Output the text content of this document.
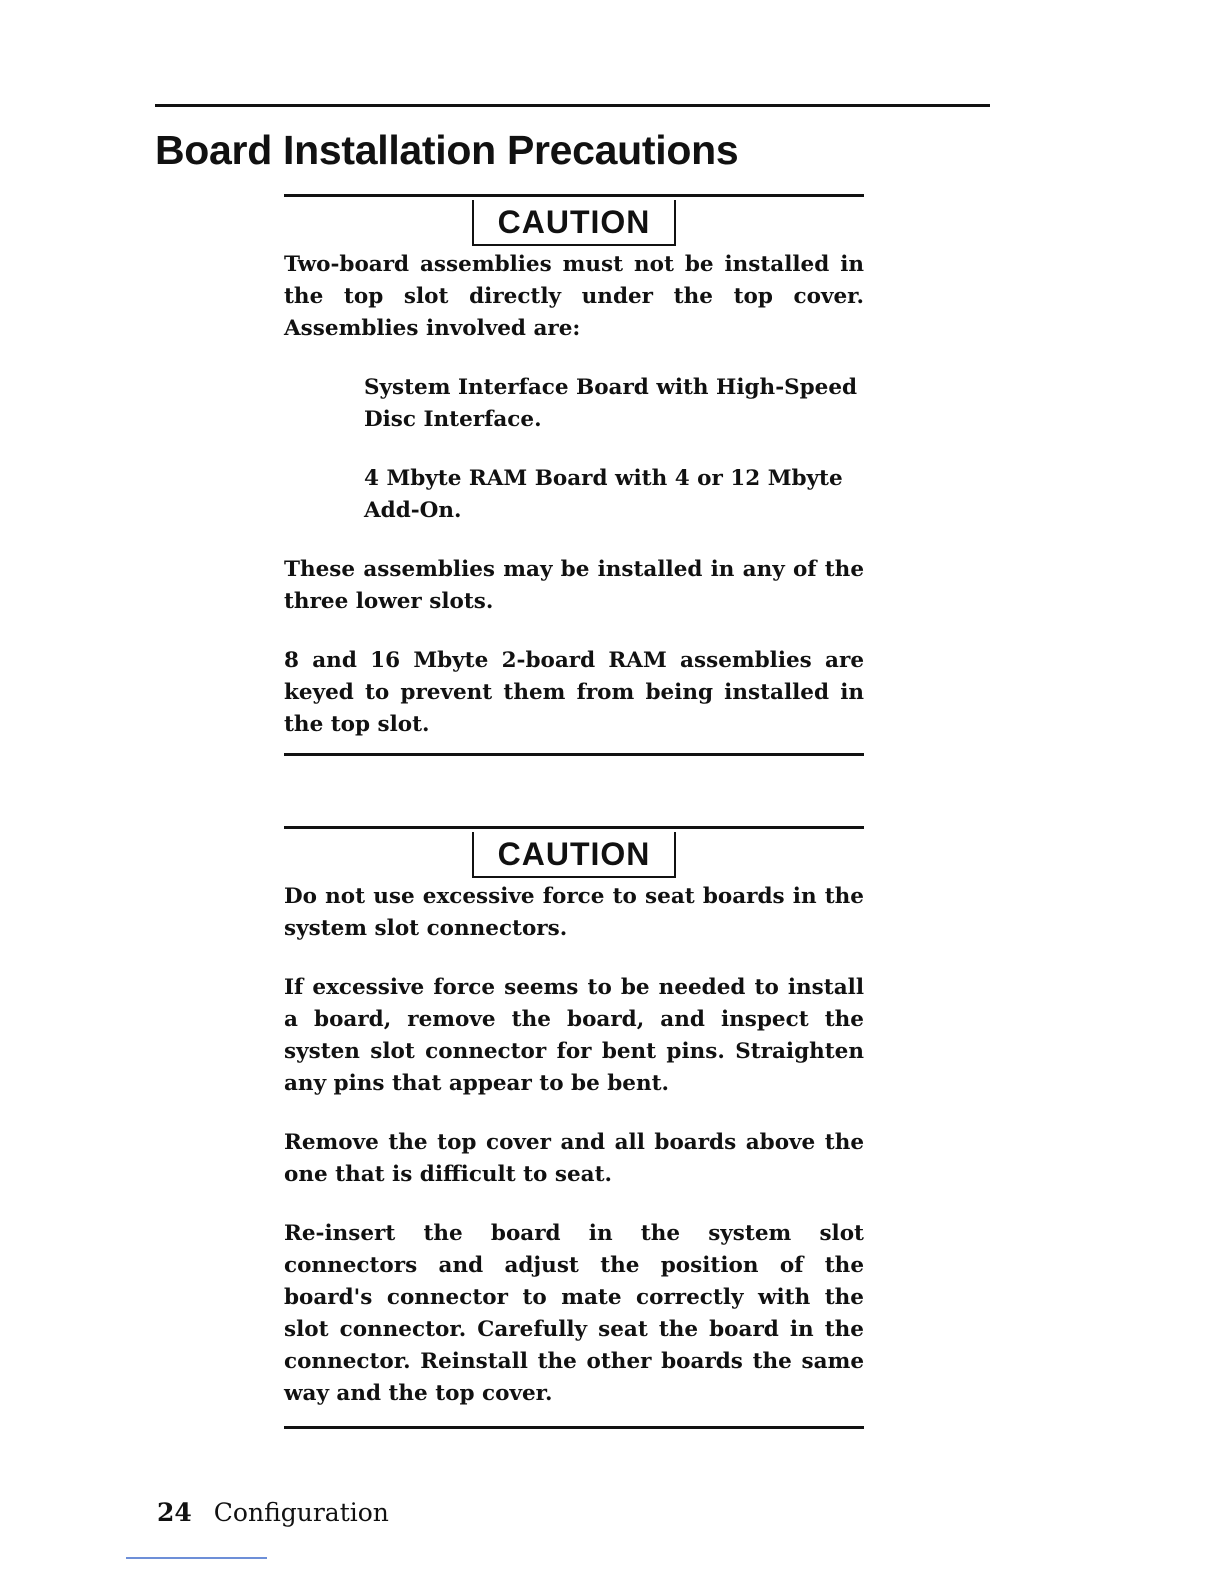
Board Installation Precautions
CAUTION

Two-board assemblies must not be installed in the top slot directly under the top cover. Assemblies involved are:

System Interface Board with High-Speed Disc Interface.

4 Mbyte RAM Board with 4 or 12 Mbyte Add-On.

These assemblies may be installed in any of the three lower slots.

8 and 16 Mbyte 2-board RAM assemblies are keyed to prevent them from being installed in the top slot.

CAUTION

Do not use excessive force to seat boards in the system slot connectors.

If excessive force seems to be needed to install a board, remove the board, and inspect the systen slot connector for bent pins. Straighten any pins that appear to be bent.

Remove the top cover and all boards above the one that is difficult to seat.

Re-insert the board in the system slot connectors and adjust the position of the board's connector to mate correctly with the slot connector. Carefully seat the board in the connector. Reinstall the other boards the same way and the top cover.

24 Configuration
